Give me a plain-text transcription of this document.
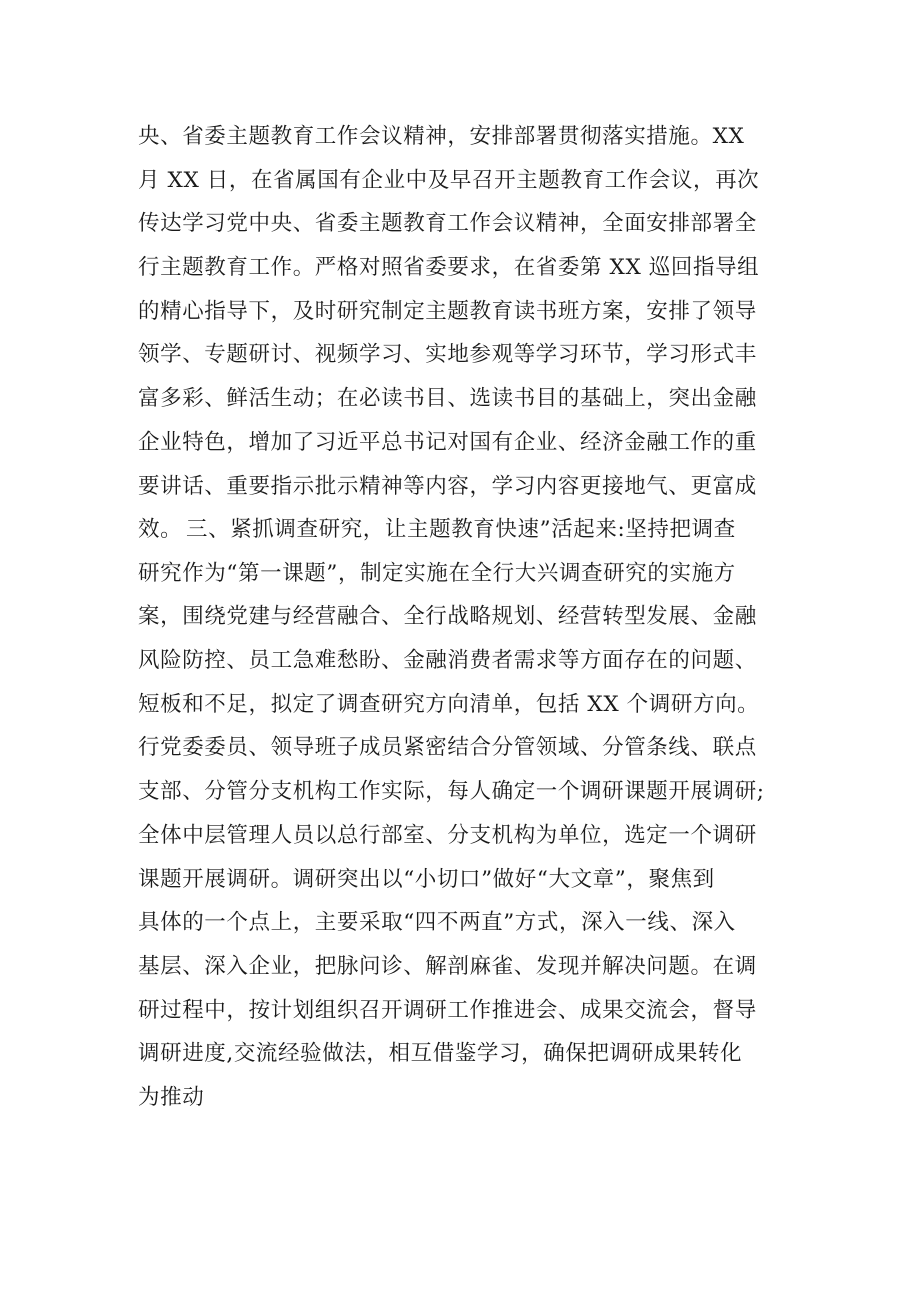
央、省委主题教育工作会议精神，安排部署贯彻落实措施。XX
月 XX 日，在省属国有企业中及早召开主题教育工作会议，再次
传达学习党中央、省委主题教育工作会议精神，全面安排部署全
行主题教育工作。严格对照省委要求，在省委第 XX 巡回指导组
的精心指导下，及时研究制定主题教育读书班方案，安排了领导
领学、专题研讨、视频学习、实地参观等学习环节，学习形式丰
富多彩、鲜活生动；在必读书目、选读书目的基础上，突出金融
企业特色，增加了习近平总书记对国有企业、经济金融工作的重
要讲话、重要指示批示精神等内容，学习内容更接地气、更富成
效。 三、紧抓调查研究，让主题教育快速”活起来:坚持把调查
研究作为“第一课题”，制定实施在全行大兴调查研究的实施方
案，围绕党建与经营融合、全行战略规划、经营转型发展、金融
风险防控、员工急难愁盼、金融消费者需求等方面存在的问题、
短板和不足，拟定了调查研究方向清单，包括 XX 个调研方向。
行党委委员、领导班子成员紧密结合分管领域、分管条线、联点
支部、分管分支机构工作实际，每人确定一个调研课题开展调研;
全体中层管理人员以总行部室、分支机构为单位，选定一个调研
课题开展调研。调研突出以“小切口”做好“大文章”，聚焦到
具体的一个点上，主要采取“四不两直”方式，深入一线、深入
基层、深入企业，把脉问诊、解剖麻雀、发现并解决问题。在调
研过程中，按计划组织召开调研工作推进会、成果交流会，督导
调研进度,交流经验做法，相互借鉴学习，确保把调研成果转化
为推动
